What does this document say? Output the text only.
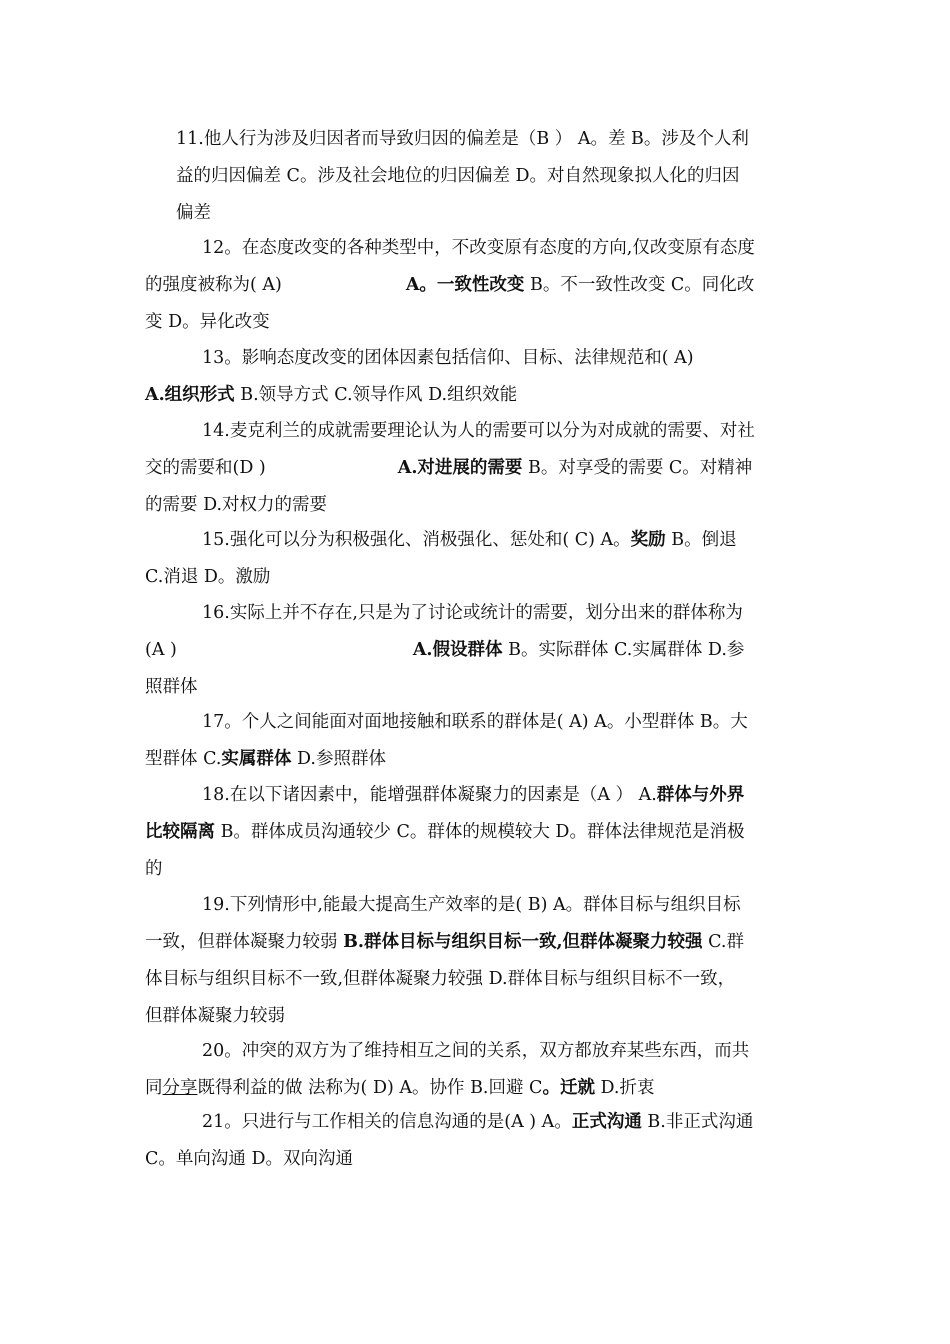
11.他人行为涉及归因者而导致归因的偏差是（B ） A。差 B。涉及个人利
益的归因偏差 C。涉及社会地位的归因偏差 D。对自然现象拟人化的归因
偏差
12。在态度改变的各种类型中，不改变原有态度的方向,仅改变原有态度
的强度被称为( A)	A。一致性改变 B。不一致性改变 C。同化改
变 D。异化改变
13。影响态度改变的团体因素包括信仰、目标、法律规范和( A)
A.组织形式 B.领导方式 C.领导作风 D.组织效能
14.麦克利兰的成就需要理论认为人的需要可以分为对成就的需要、对社
交的需要和(D )	A.对进展的需要 B。对享受的需要 C。对精神
的需要 D.对权力的需要
15.强化可以分为积极强化、消极强化、惩处和( C) A。奖励 B。倒退
C.消退 D。激励
16.实际上并不存在,只是为了讨论或统计的需要，划分出来的群体称为
(A )	A.假设群体 B。实际群体 C.实属群体 D.参
照群体
17。个人之间能面对面地接触和联系的群体是( A) A。小型群体 B。大
型群体 C.实属群体 D.参照群体
18.在以下诸因素中，能增强群体凝聚力的因素是（A ） A.群体与外界
比较隔离 B。群体成员沟通较少 C。群体的规模较大 D。群体法律规范是消极
的
19.下列情形中,能最大提高生产效率的是( B) A。群体目标与组织目标
一致，但群体凝聚力较弱 B.群体目标与组织目标一致,但群体凝聚力较强 C.群
体目标与组织目标不一致,但群体凝聚力较强 D.群体目标与组织目标不一致，
但群体凝聚力较弱
20。冲突的双方为了维持相互之间的关系，双方都放弃某些东西，而共
同分享既得利益的做 法称为( D) A。协作 B.回避 C。迁就 D.折衷
21。只进行与工作相关的信息沟通的是(A ) A。正式沟通 B.非正式沟通
C。单向沟通 D。双向沟通
